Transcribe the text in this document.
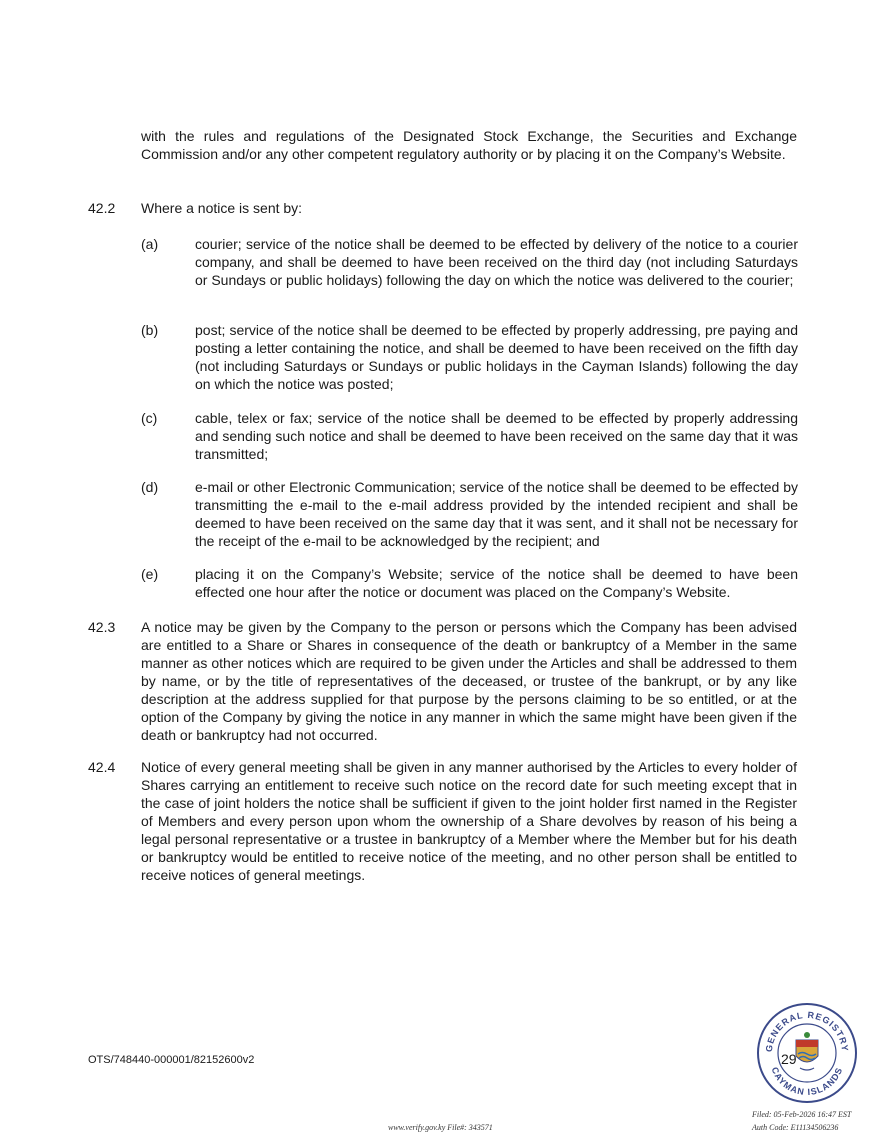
with the rules and regulations of the Designated Stock Exchange, the Securities and Exchange Commission and/or any other competent regulatory authority or by placing it on the Company’s Website.
42.2 Where a notice is sent by:
(a)	courier; service of the notice shall be deemed to be effected by delivery of the notice to a courier company, and shall be deemed to have been received on the third day (not including Saturdays or Sundays or public holidays) following the day on which the notice was delivered to the courier;
(b)	post; service of the notice shall be deemed to be effected by properly addressing, pre paying and posting a letter containing the notice, and shall be deemed to have been received on the fifth day (not including Saturdays or Sundays or public holidays in the Cayman Islands) following the day on which the notice was posted;
(c)	cable, telex or fax; service of the notice shall be deemed to be effected by properly addressing and sending such notice and shall be deemed to have been received on the same day that it was transmitted;
(d)	e-mail or other Electronic Communication; service of the notice shall be deemed to be effected by transmitting the e-mail to the e-mail address provided by the intended recipient and shall be deemed to have been received on the same day that it was sent, and it shall not be necessary for the receipt of the e-mail to be acknowledged by the recipient; and
(e)	placing it on the Company’s Website; service of the notice shall be deemed to have been effected one hour after the notice or document was placed on the Company’s Website.
42.3 A notice may be given by the Company to the person or persons which the Company has been advised are entitled to a Share or Shares in consequence of the death or bankruptcy of a Member in the same manner as other notices which are required to be given under the Articles and shall be addressed to them by name, or by the title of representatives of the deceased, or trustee of the bankrupt, or by any like description at the address supplied for that purpose by the persons claiming to be so entitled, or at the option of the Company by giving the notice in any manner in which the same might have been given if the death or bankruptcy had not occurred.
42.4 Notice of every general meeting shall be given in any manner authorised by the Articles to every holder of Shares carrying an entitlement to receive such notice on the record date for such meeting except that in the case of joint holders the notice shall be sufficient if given to the joint holder first named in the Register of Members and every person upon whom the ownership of a Share devolves by reason of his being a legal personal representative or a trustee in bankruptcy of a Member where the Member but for his death or bankruptcy would be entitled to receive notice of the meeting, and no other person shall be entitled to receive notices of general meetings.
OTS/748440-000001/82152600v2
GENERAL REGISTRY
CAYMAN ISLANDS
29
www.verify.gov.ky File#: 343571
Filed: 05-Feb-2026 16:47 EST
Auth Code: E11134506236
